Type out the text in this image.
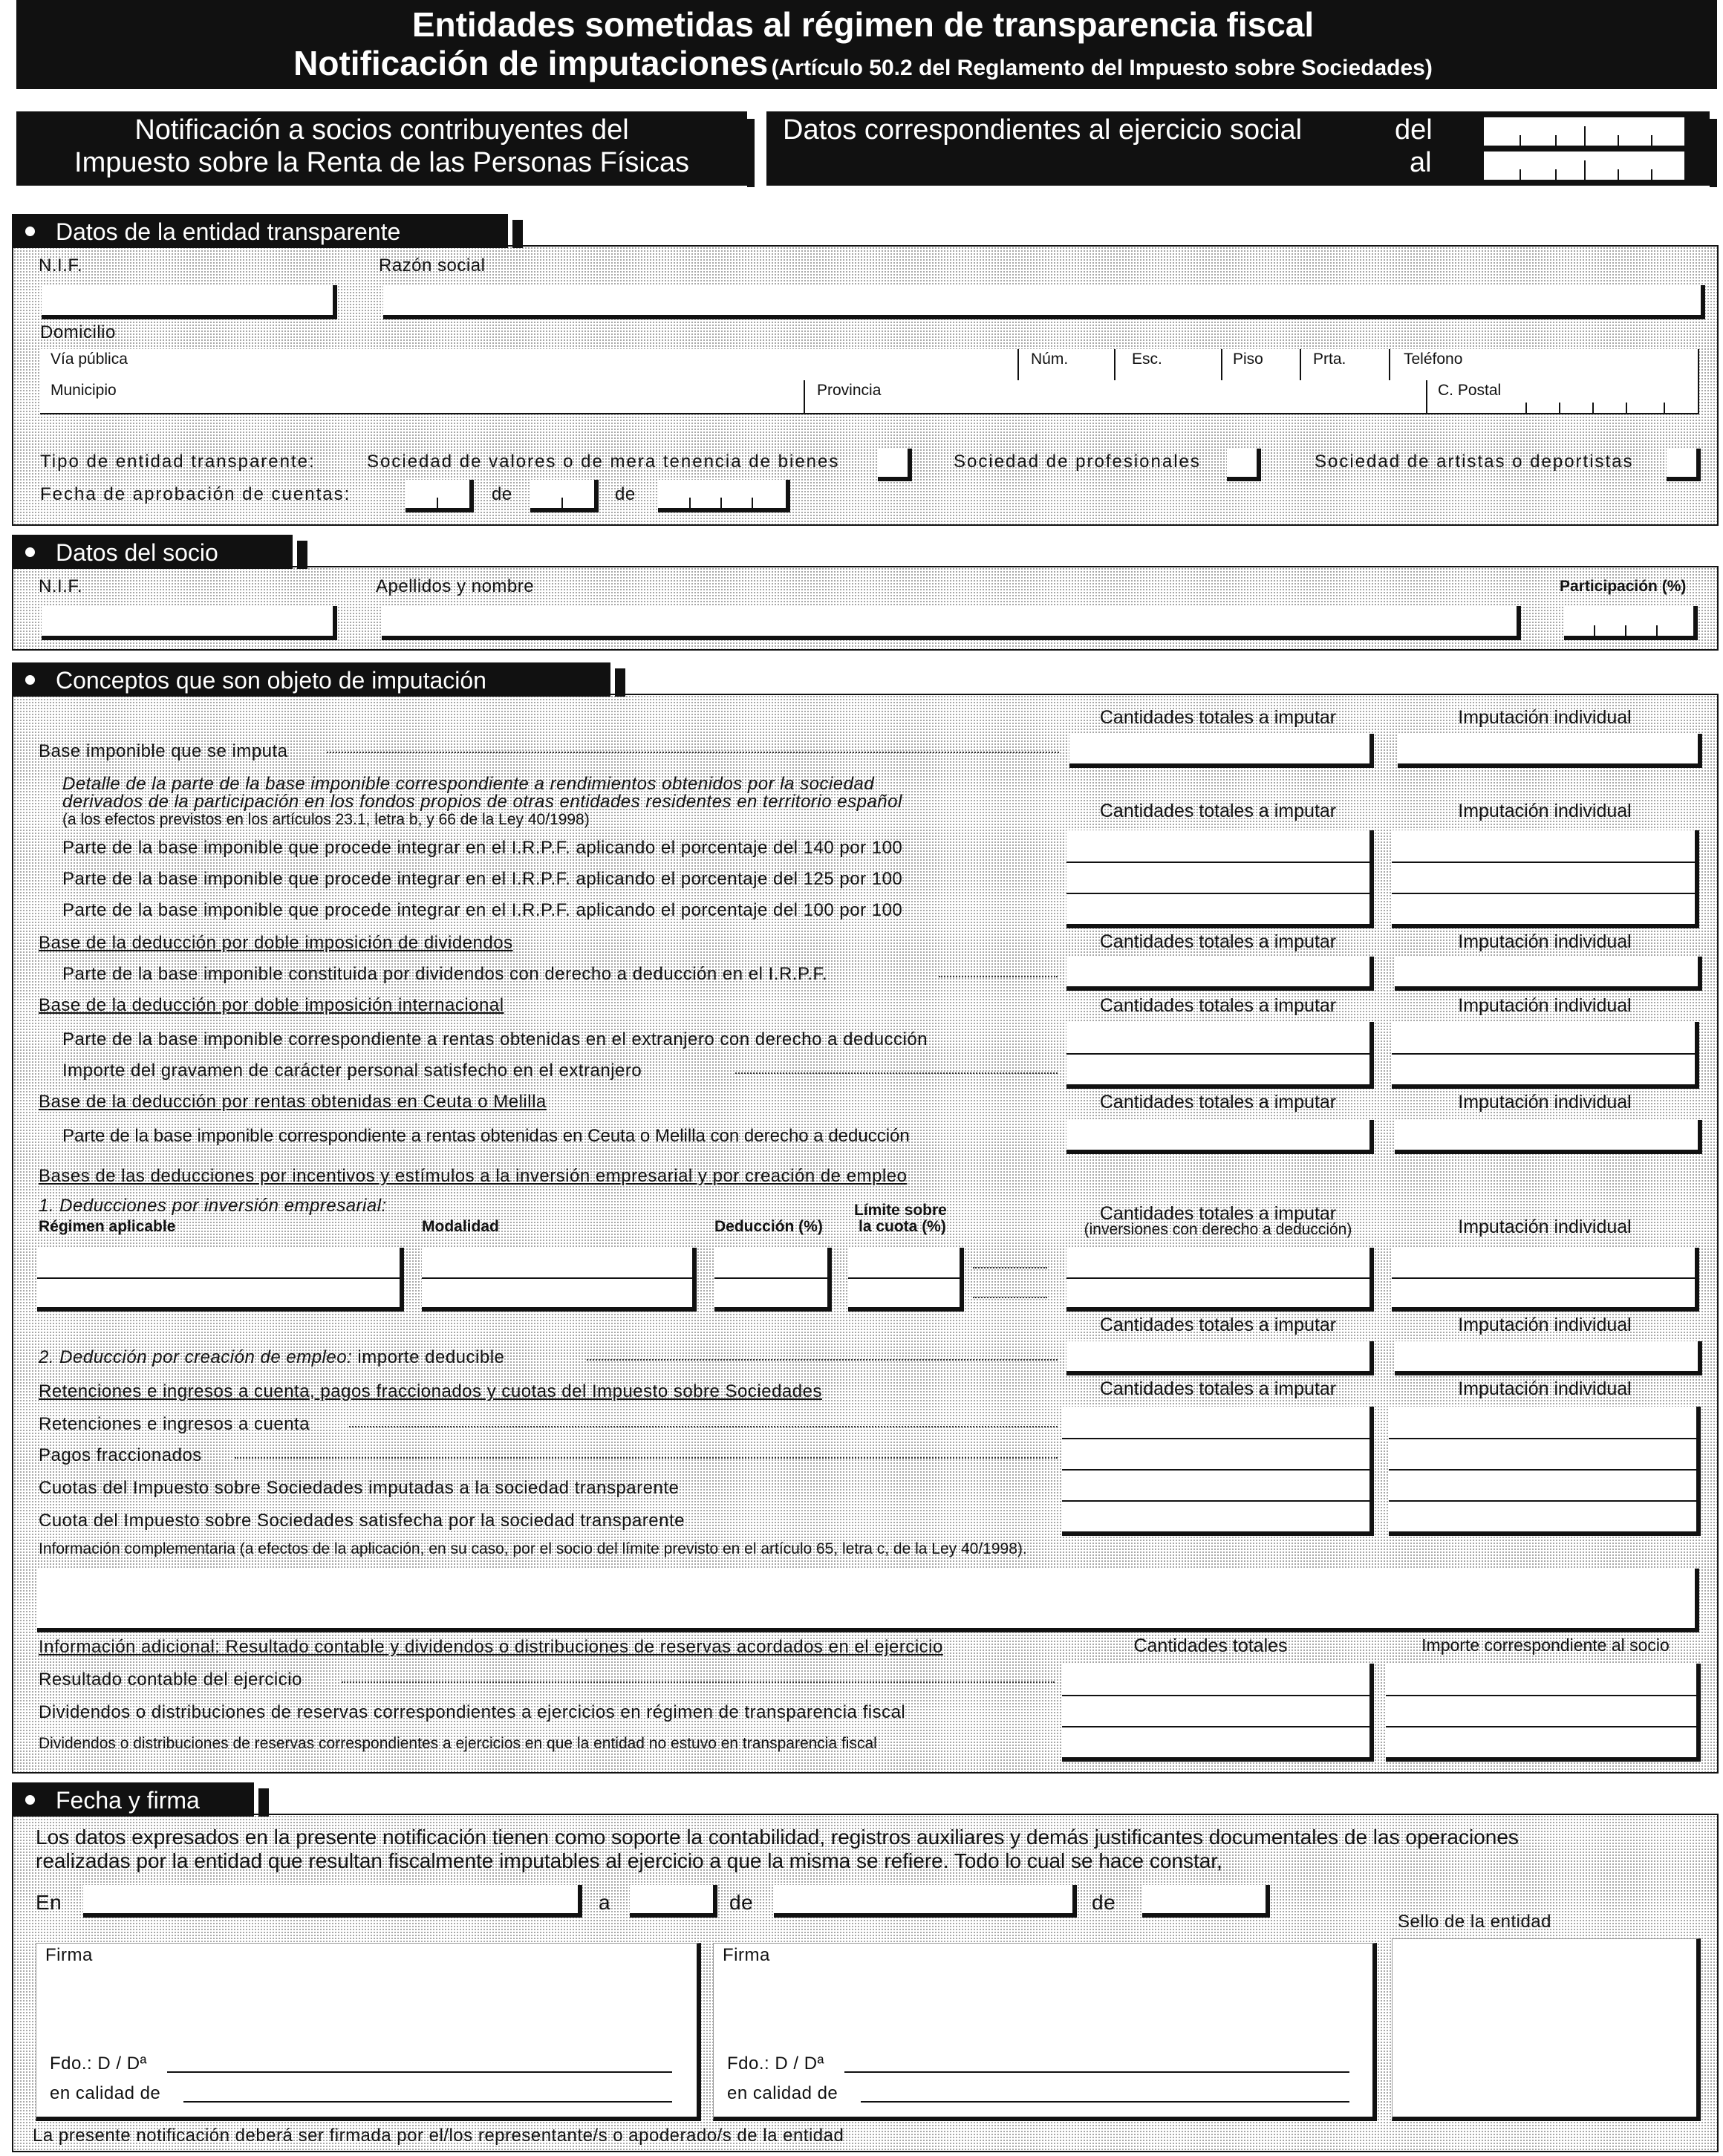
Entidades sometidas al régimen de transparencia fiscal
Notificación de imputaciones (Artículo 50.2 del Reglamento del Impuesto sobre Sociedades)
Notificación a socios contribuyentes del
Impuesto sobre la Renta de las Personas Físicas
Datos correspondientes al ejercicio social	del
al
Datos de la entidad transparente
N.I.F.	Razón social
Domicilio
Vía pública	Núm.	Esc.	Piso	Prta.	Teléfono
Municipio	Provincia	C. Postal
Tipo de entidad transparente:	Sociedad de valores o de mera tenencia de bienes	Sociedad de profesionales	Sociedad de artistas o deportistas
Fecha de aprobación de cuentas:	de	de
Datos del socio
N.I.F.	Apellidos y nombre	Participación (%)
Conceptos que son objeto de imputación
Cantidades totales a imputar	Imputación individual
Base imponible que se imputa
Detalle de la parte de la base imponible correspondiente a rendimientos obtenidos por la sociedad
derivados de la participación en los fondos propios de otras entidades residentes en territorio español
(a los efectos previstos en los artículos 23.1, letra b, y 66 de la Ley 40/1998)	Cantidades totales a imputar	Imputación individual
Parte de la base imponible que procede integrar en el I.R.P.F. aplicando el porcentaje del 140 por 100
Parte de la base imponible que procede integrar en el I.R.P.F. aplicando el porcentaje del 125 por 100
Parte de la base imponible que procede integrar en el I.R.P.F. aplicando el porcentaje del 100 por 100
Base de la deducción por doble imposición de dividendos	Cantidades totales a imputar	Imputación individual
Parte de la base imponible constituida por dividendos con derecho a deducción en el I.R.P.F.
Base de la deducción por doble imposición internacional	Cantidades totales a imputar	Imputación individual
Parte de la base imponible correspondiente a rentas obtenidas en el extranjero con derecho a deducción
Importe del gravamen de carácter personal satisfecho en el extranjero
Base de la deducción por rentas obtenidas en Ceuta o Melilla	Cantidades totales a imputar	Imputación individual
Parte de la base imponible correspondiente a rentas obtenidas en Ceuta o Melilla con derecho a deducción
Bases de las deducciones por incentivos y estímulos a la inversión empresarial y por creación de empleo
1. Deducciones por inversión empresarial:
Régimen aplicable	Modalidad	Deducción (%)
Límite sobre
la cuota (%)
Cantidades totales a imputar
(inversiones con derecho a deducción)	Imputación individual
Cantidades totales a imputar	Imputación individual
2. Deducción por creación de empleo: importe deducible
Retenciones e ingresos a cuenta, pagos fraccionados y cuotas del Impuesto sobre Sociedades	Cantidades totales a imputar	Imputación individual
Retenciones e ingresos a cuenta
Pagos fraccionados
Cuotas del Impuesto sobre Sociedades imputadas a la sociedad transparente
Cuota del Impuesto sobre Sociedades satisfecha por la sociedad transparente
Información complementaria (a efectos de la aplicación, en su caso, por el socio del límite previsto en el artículo 65, letra c, de la Ley 40/1998).
Información adicional: Resultado contable y dividendos o distribuciones de reservas acordados en el ejercicio	Cantidades totales	Importe correspondiente al socio
Resultado contable del ejercicio
Dividendos o distribuciones de reservas correspondientes a ejercicios en régimen de transparencia fiscal
Dividendos o distribuciones de reservas correspondientes a ejercicios en que la entidad no estuvo en transparencia fiscal
Fecha y firma
Los datos expresados en la presente notificación tienen como soporte la contabilidad, registros auxiliares y demás justificantes documentales de las operaciones
realizadas por la entidad que resultan fiscalmente imputables al ejercicio a que la misma se refiere. Todo lo cual se hace constar,
En	a	de	de
Sello de la entidad
Firma
Fdo.: D / Dª
en calidad de
Firma
Fdo.: D / Dª
en calidad de
La presente notificación deberá ser firmada por el/los representante/s o apoderado/s de la entidad
